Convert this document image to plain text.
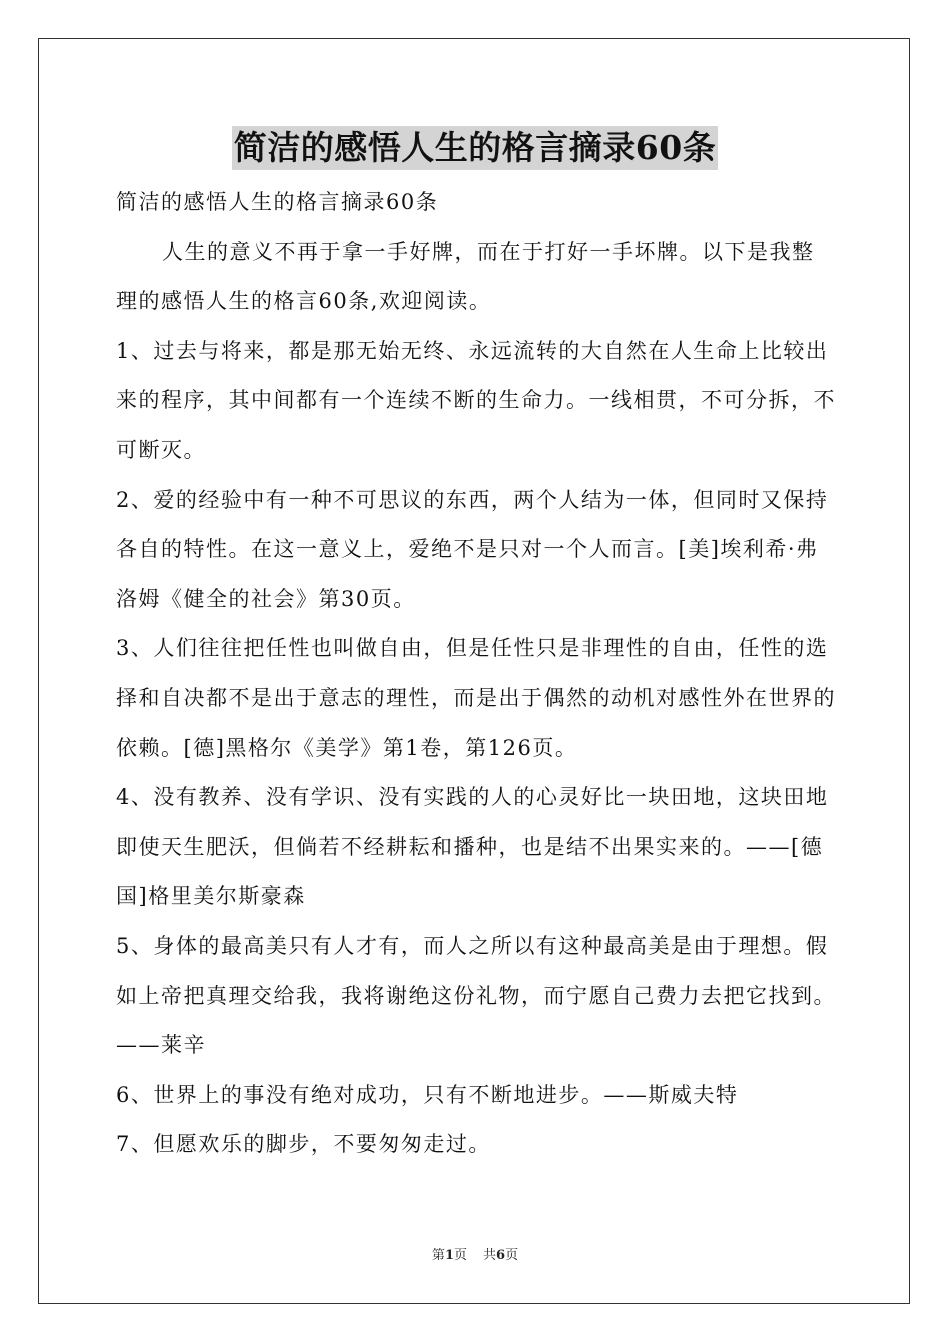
简洁的感悟人生的格言摘录60条

简洁的感悟人生的格言摘录60条

人生的意义不再于拿一手好牌，而在于打好一手坏牌。以下是我整理的感悟人生的格言60条,欢迎阅读。

1、过去与将来，都是那无始无终、永远流转的大自然在人生命上比较出来的程序，其中间都有一个连续不断的生命力。一线相贯，不可分拆，不可断灭。

2、爱的经验中有一种不可思议的东西，两个人结为一体，但同时又保持各自的特性。在这一意义上，爱绝不是只对一个人而言。[美]埃利希·弗洛姆《健全的社会》第30页。

3、人们往往把任性也叫做自由，但是任性只是非理性的自由，任性的选择和自决都不是出于意志的理性，而是出于偶然的动机对感性外在世界的依赖。[德]黑格尔《美学》第1卷，第126页。

4、没有教养、没有学识、没有实践的人的心灵好比一块田地，这块田地即使天生肥沃，但倘若不经耕耘和播种，也是结不出果实来的。——[德国]格里美尔斯豪森

5、身体的最高美只有人才有，而人之所以有这种最高美是由于理想。假如上帝把真理交给我，我将谢绝这份礼物，而宁愿自己费力去把它找到。——莱辛

6、世界上的事没有绝对成功，只有不断地进步。——斯威夫特

7、但愿欢乐的脚步，不要匆匆走过。

第1页 共6页
